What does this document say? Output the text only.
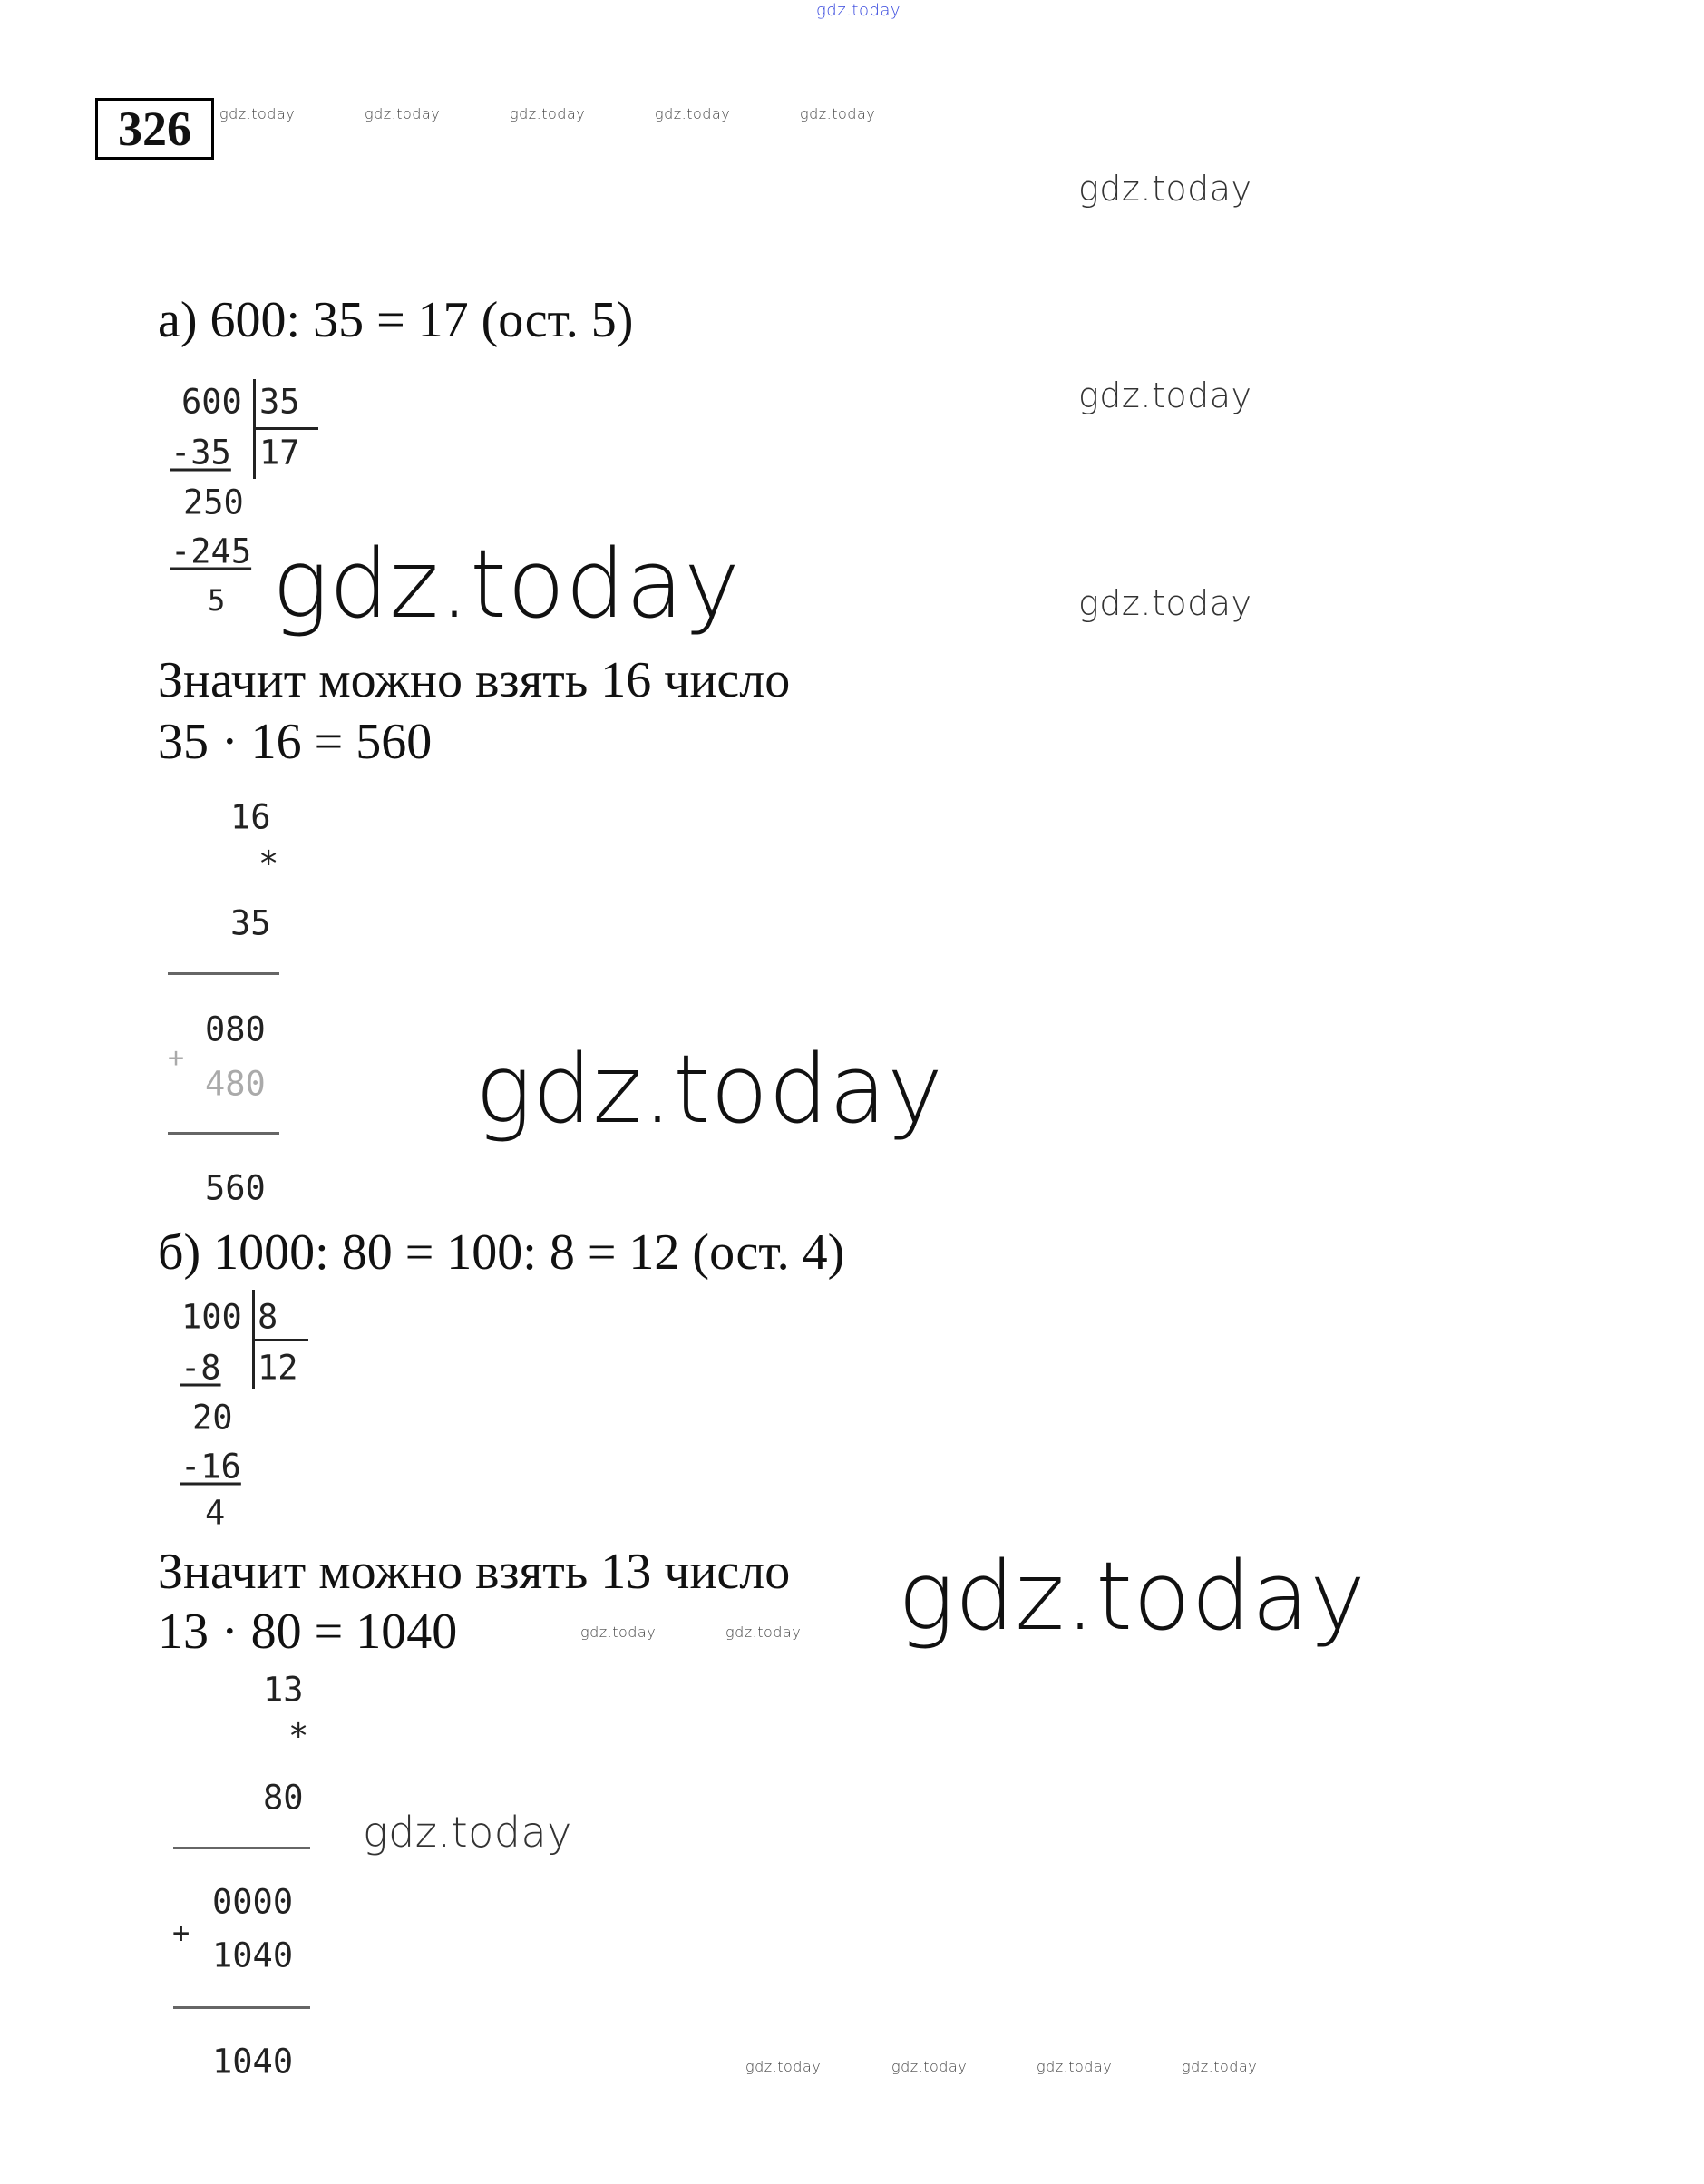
gdz.today
gdz.today	gdz.today	gdz.today	gdz.today	gdz.today
gdz.today
gdz.today
gdz.today
gdz.today
gdz.today
gdz.today
gdz.today	gdz.today
gdz.today
gdz.today	gdz.today	gdz.today	gdz.today
326
а) 600: 35 = 17 (ост. 5)
600 35
17
-35
250
-245
5
Значит можно взять 16 число
35 · 16 = 560
16
*
35
080
+
480
560
б) 1000: 80 = 100: 8 = 12 (ост. 4)
100 8
12
-8
20
-16
4
Значит можно взять 13 число
13 · 80 = 1040
13
*
80
0000
+
1040
1040
